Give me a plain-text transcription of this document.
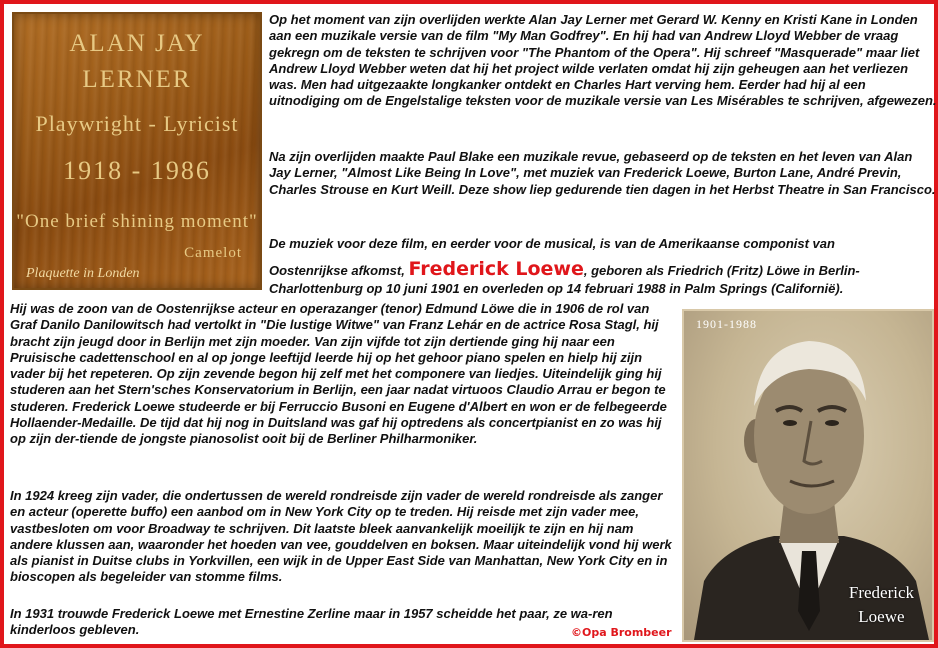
ALAN JAY
LERNER
Playwright - Lyricist
1918 - 1986
"One brief shining moment"
Camelot
Plaquette in Londen

Op het moment van zijn overlijden werkte Alan Jay Lerner met Gerard W. Kenny en Kristi Kane in Londen aan een muzikale versie van de film "My Man Godfrey". En hij had van Andrew Lloyd Webber de vraag gekregn om de teksten te schrijven voor "The Phantom of the Opera". Hij schreef "Masquerade" maar liet Andrew Lloyd Webber weten dat hij het project wilde verlaten omdat hij zijn geheugen aan het verliezen was. Men had uitgezaakte longkanker ontdekt en Charles Hart verving hem. Eerder had hij al een uitnodiging om de Engelstalige teksten voor de muzikale versie van Les Misérables te schrijven, afgewezen.

Na zijn overlijden maakte Paul Blake een muzikale revue, gebaseerd op de teksten en het leven van Alan Jay Lerner, "Almost Like Being In Love", met muziek van Frederick Loewe, Burton Lane, André Previn, Charles Strouse en Kurt Weill. Deze show liep gedurende tien dagen in het Herbst Theatre in San Francisco.

De muziek voor deze film, en eerder voor de musical, is van de Amerikaanse componist van

Oostenrijkse afkomst, Frederick Loewe, geboren als Friedrich (Fritz) Löwe in Berlin-Charlottenburg op 10 juni 1901 en overleden op 14 februari 1988 in Palm Springs (Californië).

Hij was de zoon van de Oostenrijkse acteur en operazanger (tenor) Edmund Löwe die in 1906 de rol van Graf Danilo Danilowitsch had vertolkt in "Die lustige Witwe" van Franz Lehár en de actrice Rosa Stagl, hij bracht zijn jeugd door in Berlijn met zijn moeder. Van zijn vijfde tot zijn dertiende ging hij naar een Pruisische cadettenschool en al op jonge leeftijd leerde hij op het gehoor piano spelen en hielp hij zijn vader bij het repeteren. Op zijn zevende begon hij zelf met het componere van liedjes. Uiteindelijk ging hij studeren aan het Stern'sches Konservatorium in Berlijn, een jaar nadat virtuoos Claudio Arrau er begon te studeren. Frederick Loewe studeerde er bij Ferruccio Busoni en Eugene d'Albert en won er de felbegeerde Hollaender-Medaille. De tijd dat hij nog in Duitsland was gaf hij optredens als concertpianist en zo was hij op zijn der-tiende de jongste pianosolist ooit bij de Berliner Philharmoniker.

In 1924 kreeg zijn vader, die ondertussen de wereld rondreisde zijn vader de wereld rondreisde als zanger en acteur (operette buffo) een aanbod om in New York City op te treden. Hij reisde met zijn vader mee, vastbesloten om voor Broadway te schrijven. Dit laatste bleek aanvankelijk moeilijk te zijn en hij nam andere klussen aan, waaronder het hoeden van vee, gouddelven en boksen. Maar uiteindelijk vond hij werk als pianist in Duitse clubs in Yorkvillen, een wijk in de Upper East Side van Manhattan, New York City en in bioscopen als begeleider van stomme films.

In 1931 trouwde Frederick Loewe met Ernestine Zerline maar in 1957 scheidde het paar, ze wa-ren kinderloos gebleven.

1901-1988
Frederick
Loewe
©Opa Brombeer
